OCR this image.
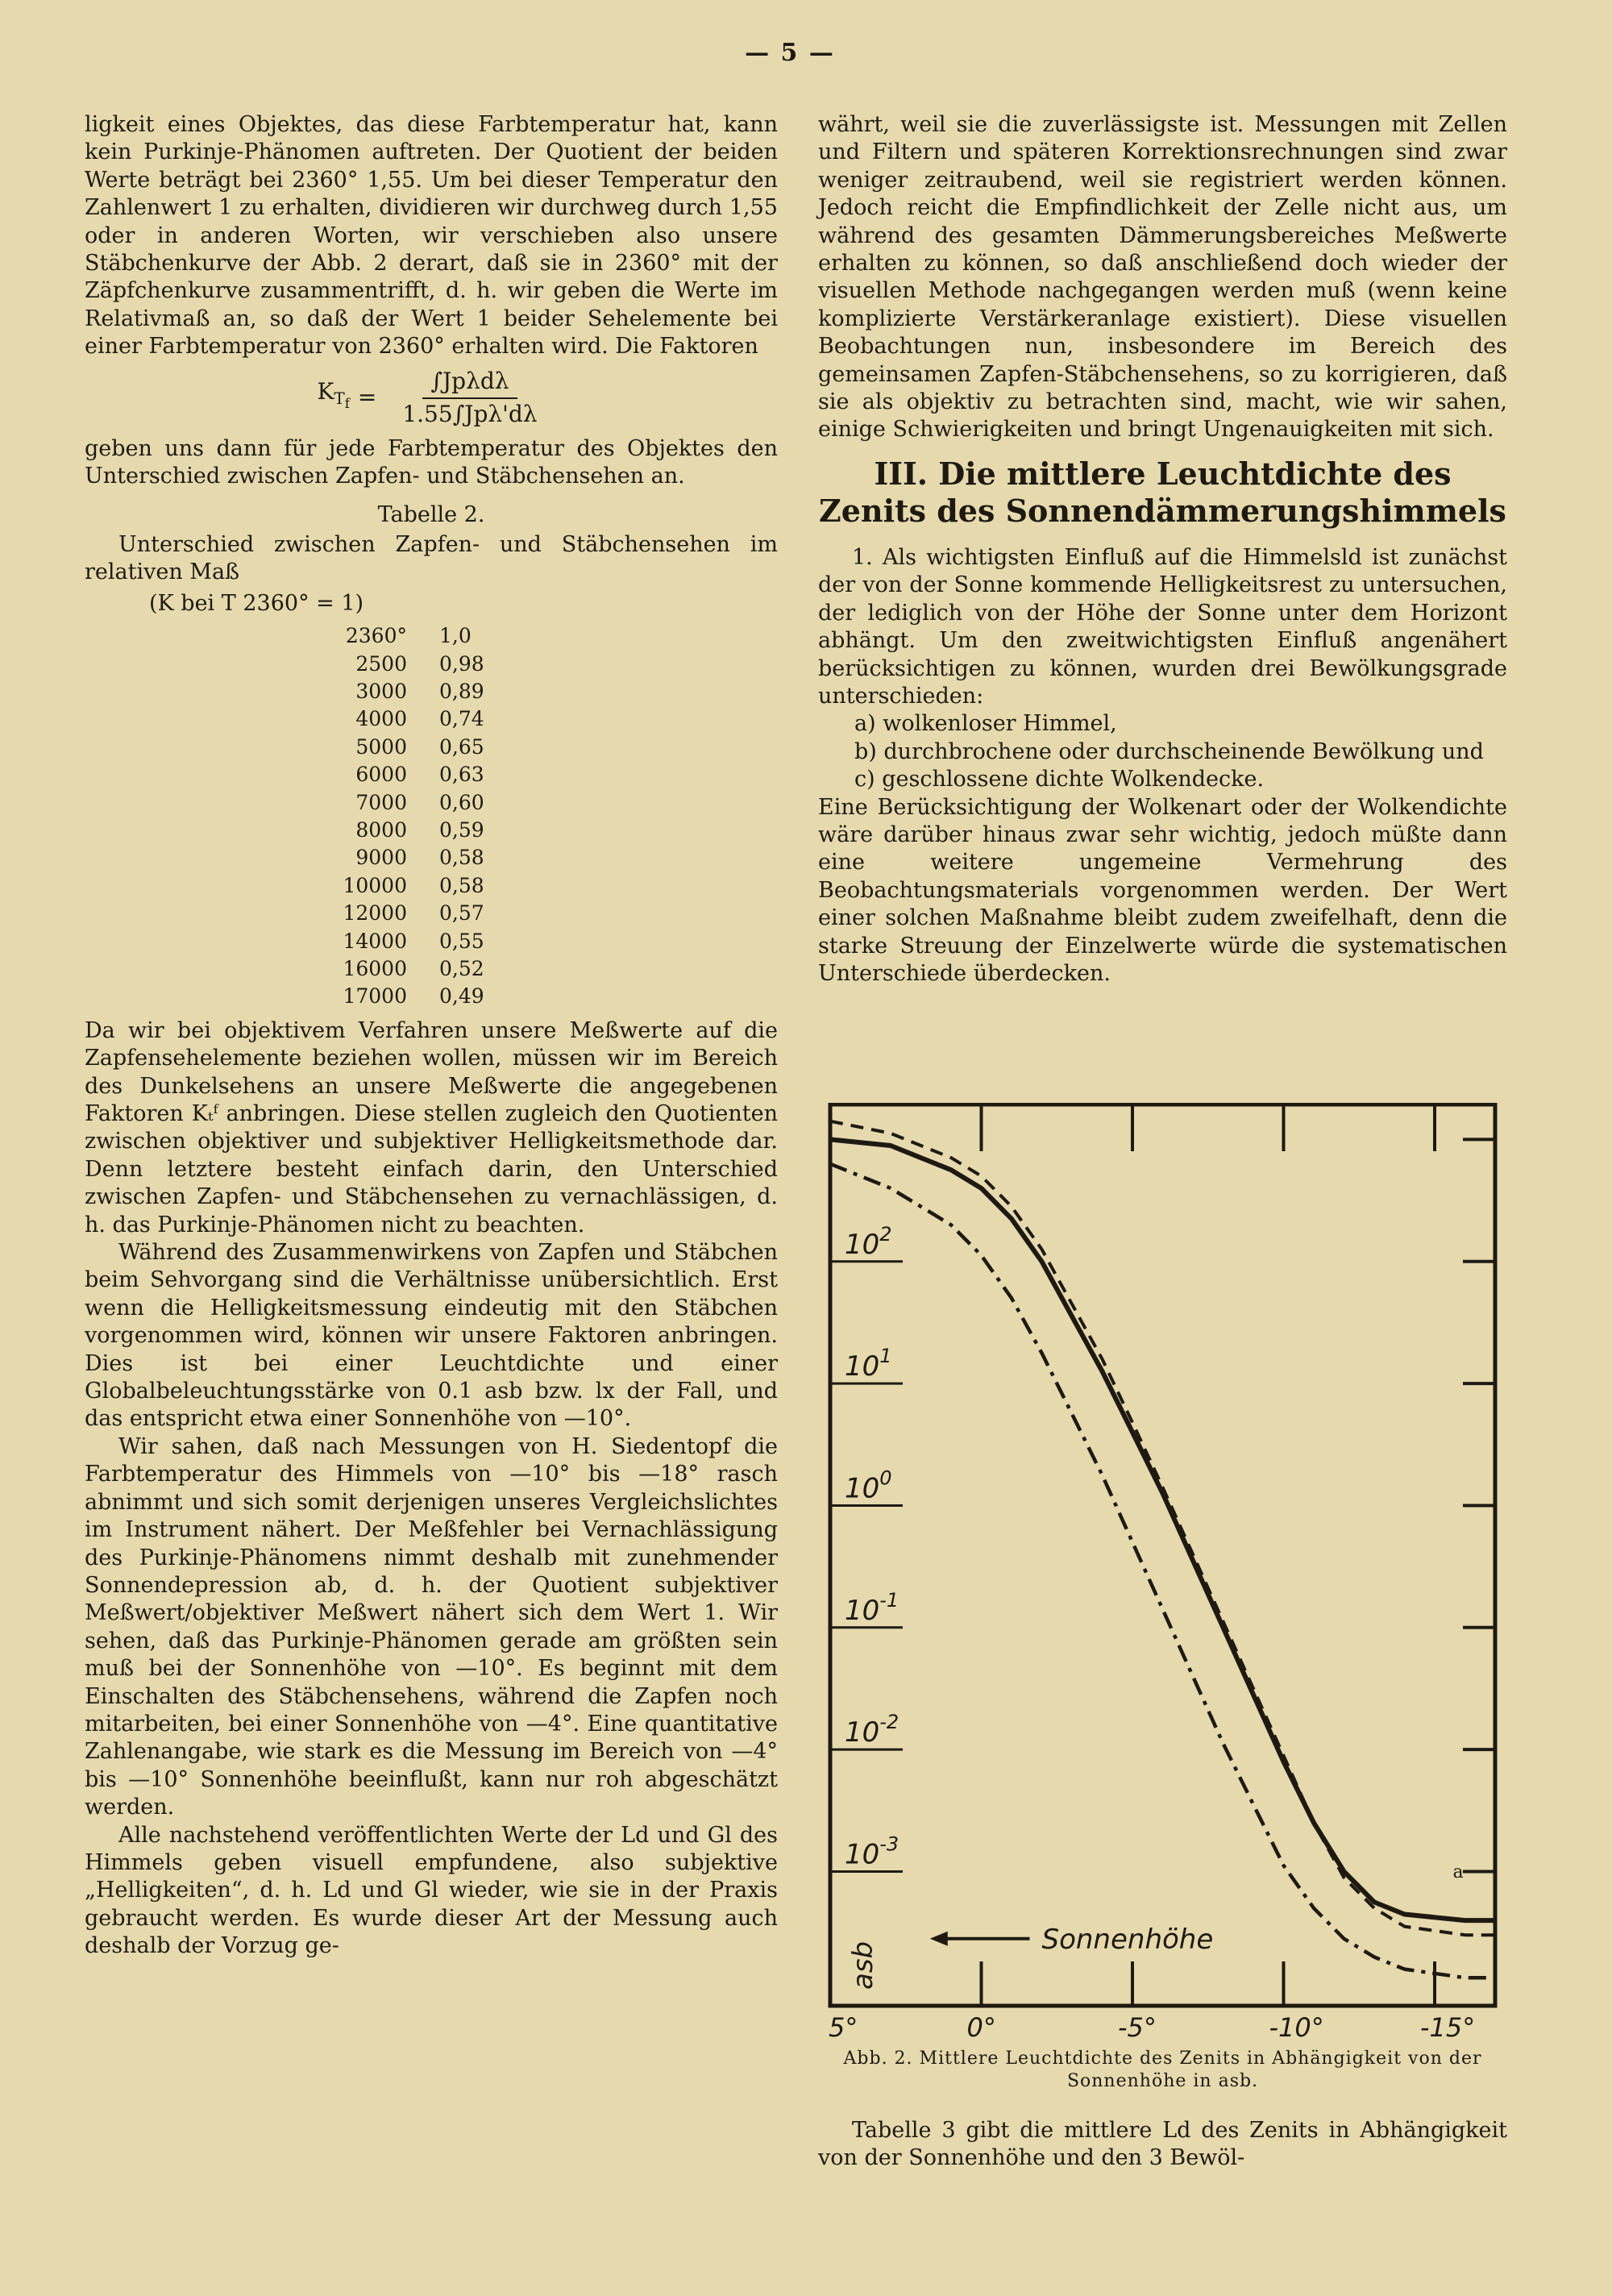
— 5 —

ligkeit eines Objektes, das diese Farbtemperatur hat, kann kein Purkinje-Phänomen auftreten. Der Quotient der beiden Werte beträgt bei 2360° 1,55. Um bei dieser Temperatur den Zahlenwert 1 zu erhalten, dividieren wir durchweg durch 1,55 oder in anderen Worten, wir verschieben also unsere Stäbchenkurve der Abb. 2 derart, daß sie in 2360° mit der Zäpfchenkurve zusammentrifft, d. h. wir geben die Werte im Relativmaß an, so daß der Wert 1 beider Sehelemente bei einer Farbtemperatur von 2360° erhalten wird. Die Faktoren

$K_{T_f} = \frac{\text{∫Jpλdλ}}{\text{1.55∫Jpλ'dλ}}$

geben uns dann für jede Farbtemperatur des Objektes den Unterschied zwischen Zapfen- und Stäbchensehen an.

Tabelle 2.

Unterschied zwischen Zapfen- und Stäbchensehen im relativen Maß

(K bei T 2360° = 1)
2360°	1,0
2500	0,98
3000	0,89
4000	0,74
5000	0,65
6000	0,63
7000	0,60
8000	0,59
9000	0,58
10000	0,58
12000	0,57
14000	0,55
16000	0,52
17000	0,49

Da wir bei objektivem Verfahren unsere Meßwerte auf die Zapfensehelemente beziehen wollen, müssen wir im Bereich des Dunkelsehens an unsere Meßwerte die angegebenen Faktoren Kₜᶠ anbringen. Diese stellen zugleich den Quotienten zwischen objektiver und subjektiver Helligkeitsmethode dar. Denn letztere besteht einfach darin, den Unterschied zwischen Zapfen- und Stäbchensehen zu vernachlässigen, d. h. das Purkinje-Phänomen nicht zu beachten.

Während des Zusammenwirkens von Zapfen und Stäbchen beim Sehvorgang sind die Verhältnisse unübersichtlich. Erst wenn die Helligkeitsmessung eindeutig mit den Stäbchen vorgenommen wird, können wir unsere Faktoren anbringen. Dies ist bei einer Leuchtdichte und einer Globalbeleuchtungsstärke von 0.1 asb bzw. lx der Fall, und das entspricht etwa einer Sonnenhöhe von —10°.

Wir sahen, daß nach Messungen von H. Siedentopf die Farbtemperatur des Himmels von —10° bis —18° rasch abnimmt und sich somit derjenigen unseres Vergleichslichtes im Instrument nähert. Der Meßfehler bei Vernachlässigung des Purkinje-Phänomens nimmt deshalb mit zunehmender Sonnendepression ab, d. h. der Quotient subjektiver Meßwert/objektiver Meßwert nähert sich dem Wert 1. Wir sehen, daß das Purkinje-Phänomen gerade am größten sein muß bei der Sonnenhöhe von —10°. Es beginnt mit dem Einschalten des Stäbchensehens, während die Zapfen noch mitarbeiten, bei einer Sonnenhöhe von —4°. Eine quantitative Zahlenangabe, wie stark es die Messung im Bereich von —4° bis —10° Sonnenhöhe beeinflußt, kann nur roh abgeschätzt werden.

Alle nachstehend veröffentlichten Werte der Ld und Gl des Himmels geben visuell empfundene, also subjektive „Helligkeiten“, d. h. Ld und Gl wieder, wie sie in der Praxis gebraucht werden. Es wurde dieser Art der Messung auch deshalb der Vorzug ge-

währt, weil sie die zuverlässigste ist. Messungen mit Zellen und Filtern und späteren Korrektionsrechnungen sind zwar weniger zeitraubend, weil sie registriert werden können. Jedoch reicht die Empfindlichkeit der Zelle nicht aus, um während des gesamten Dämmerungsbereiches Meßwerte erhalten zu können, so daß anschließend doch wieder der visuellen Methode nachgegangen werden muß (wenn keine komplizierte Verstärkeranlage existiert). Diese visuellen Beobachtungen nun, insbesondere im Bereich des gemeinsamen Zapfen-Stäbchensehens, so zu korrigieren, daß sie als objektiv zu betrachten sind, macht, wie wir sahen, einige Schwierigkeiten und bringt Ungenauigkeiten mit sich.

III. Die mittlere Leuchtdichte des Zenits des Sonnendämmerungshimmels

1. Als wichtigsten Einfluß auf die Himmelsld ist zunächst der von der Sonne kommende Helligkeitsrest zu untersuchen, der lediglich von der Höhe der Sonne unter dem Horizont abhängt. Um den zweitwichtigsten Einfluß angenähert berücksichtigen zu können, wurden drei Bewölkungsgrade unterschieden:

a) wolkenloser Himmel,
b) durchbrochene oder durchscheinende Bewölkung und
c) geschlossene dichte Wolkendecke.

Eine Berücksichtigung der Wolkenart oder der Wolkendichte wäre darüber hinaus zwar sehr wichtig, jedoch müßte dann eine weitere ungemeine Vermehrung des Beobachtungsmaterials vorgenommen werden. Der Wert einer solchen Maßnahme bleibt zudem zweifelhaft, denn die starke Streuung der Einzelwerte würde die systematischen Unterschiede überdecken.

5°	0°	-5°	-10°	-15°
$10^2$
$10^1$
$10^0$
$10^{-1}$
$10^{-2}$
$10^{-3}$
asb
Sonnenhöhe
a
Abb. 2. Mittlere Leuchtdichte des Zenits in Abhängigkeit von der Sonnenhöhe in asb.

Tabelle 3 gibt die mittlere Ld des Zenits in Abhängigkeit von der Sonnenhöhe und den 3 Bewöl-
